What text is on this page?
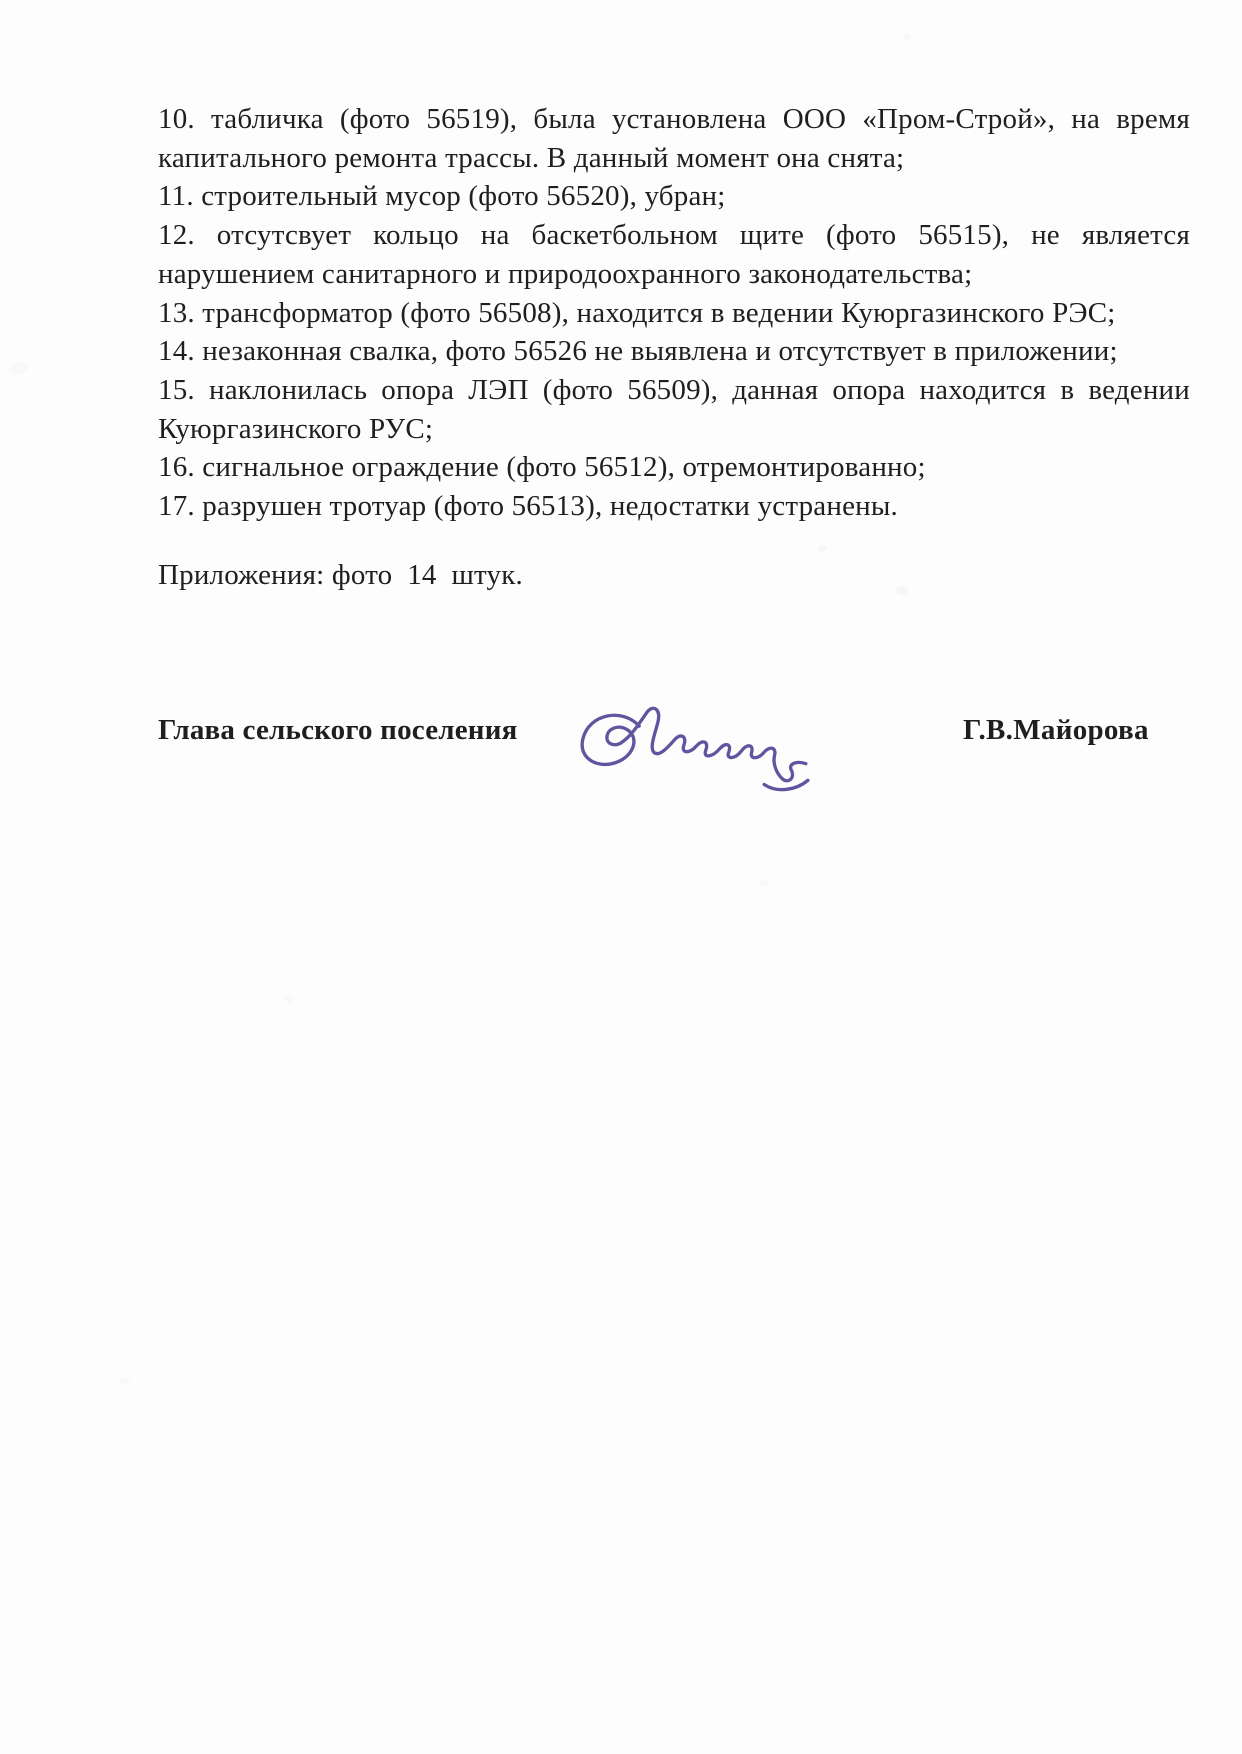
10. табличка (фото 56519), была установлена ООО «Пром-Строй», на время
капитального ремонта трассы. В данный момент она снята;
11. строительный мусор (фото 56520), убран;
12. отсутсвует кольцо на баскетбольном щите (фото 56515), не является
нарушением санитарного и природоохранного законодательства;
13. трансформатор (фото 56508), находится в ведении Куюргазинского РЭС;
14. незаконная свалка, фото 56526 не выявлена и отсутствует в приложении;
15. наклонилась опора ЛЭП (фото 56509), данная опора находится в ведении
Куюргазинского РУС;
16. сигнальное ограждение (фото 56512), отремонтированно;
17. разрушен тротуар (фото 56513), недостатки устранены.
Приложения: фото  14  штук.
Глава сельского поселения	Г.В.Майорова
